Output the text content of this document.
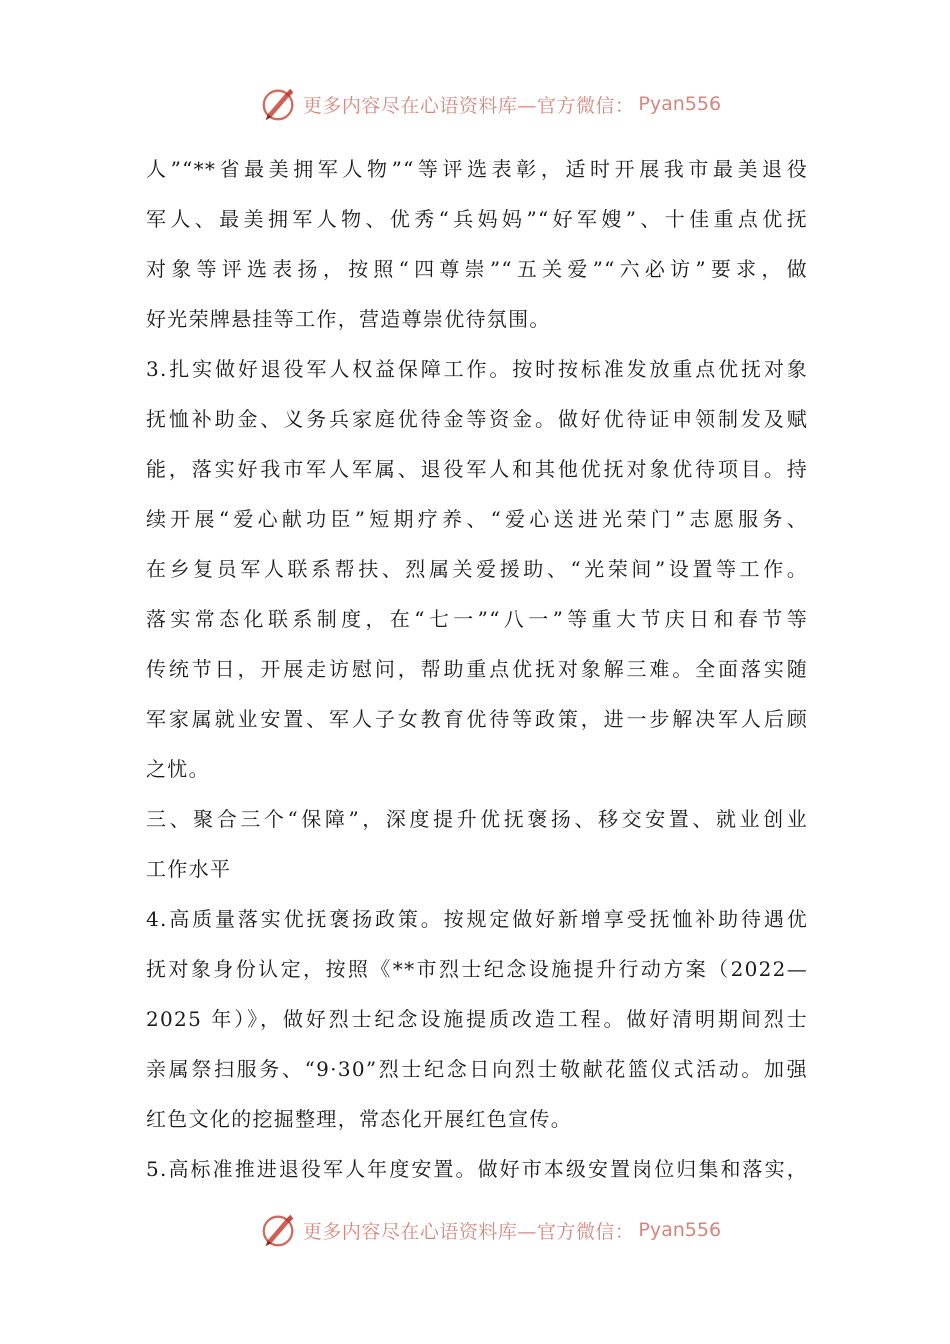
更多内容尽在心语资料库—官方微信： Pyan556
人”“**省最美拥军人物”“等评选表彰，适时开展我市最美退役
军人、最美拥军人物、优秀“兵妈妈”“好军嫂”、十佳重点优抚
对象等评选表扬，按照“四尊崇”“五关爱”“六必访”要求，做
好光荣牌悬挂等工作，营造尊崇优待氛围。
3.扎实做好退役军人权益保障工作。按时按标准发放重点优抚对象
抚恤补助金、义务兵家庭优待金等资金。做好优待证申领制发及赋
能，落实好我市军人军属、退役军人和其他优抚对象优待项目。持
续开展“爱心献功臣”短期疗养、“爱心送进光荣门”志愿服务、
在乡复员军人联系帮扶、烈属关爱援助、“光荣间”设置等工作。
落实常态化联系制度，在“七一”“八一”等重大节庆日和春节等
传统节日，开展走访慰问，帮助重点优抚对象解三难。全面落实随
军家属就业安置、军人子女教育优待等政策，进一步解决军人后顾
之忧。
三、聚合三个“保障”，深度提升优抚褒扬、移交安置、就业创业
工作水平
4.高质量落实优抚褒扬政策。按规定做好新增享受抚恤补助待遇优
抚对象身份认定，按照《**市烈士纪念设施提升行动方案（2022—
2025 年）》，做好烈士纪念设施提质改造工程。做好清明期间烈士
亲属祭扫服务、“9·30”烈士纪念日向烈士敬献花篮仪式活动。加强
红色文化的挖掘整理，常态化开展红色宣传。
5.高标准推进退役军人年度安置。做好市本级安置岗位归集和落实，
更多内容尽在心语资料库—官方微信： Pyan556
